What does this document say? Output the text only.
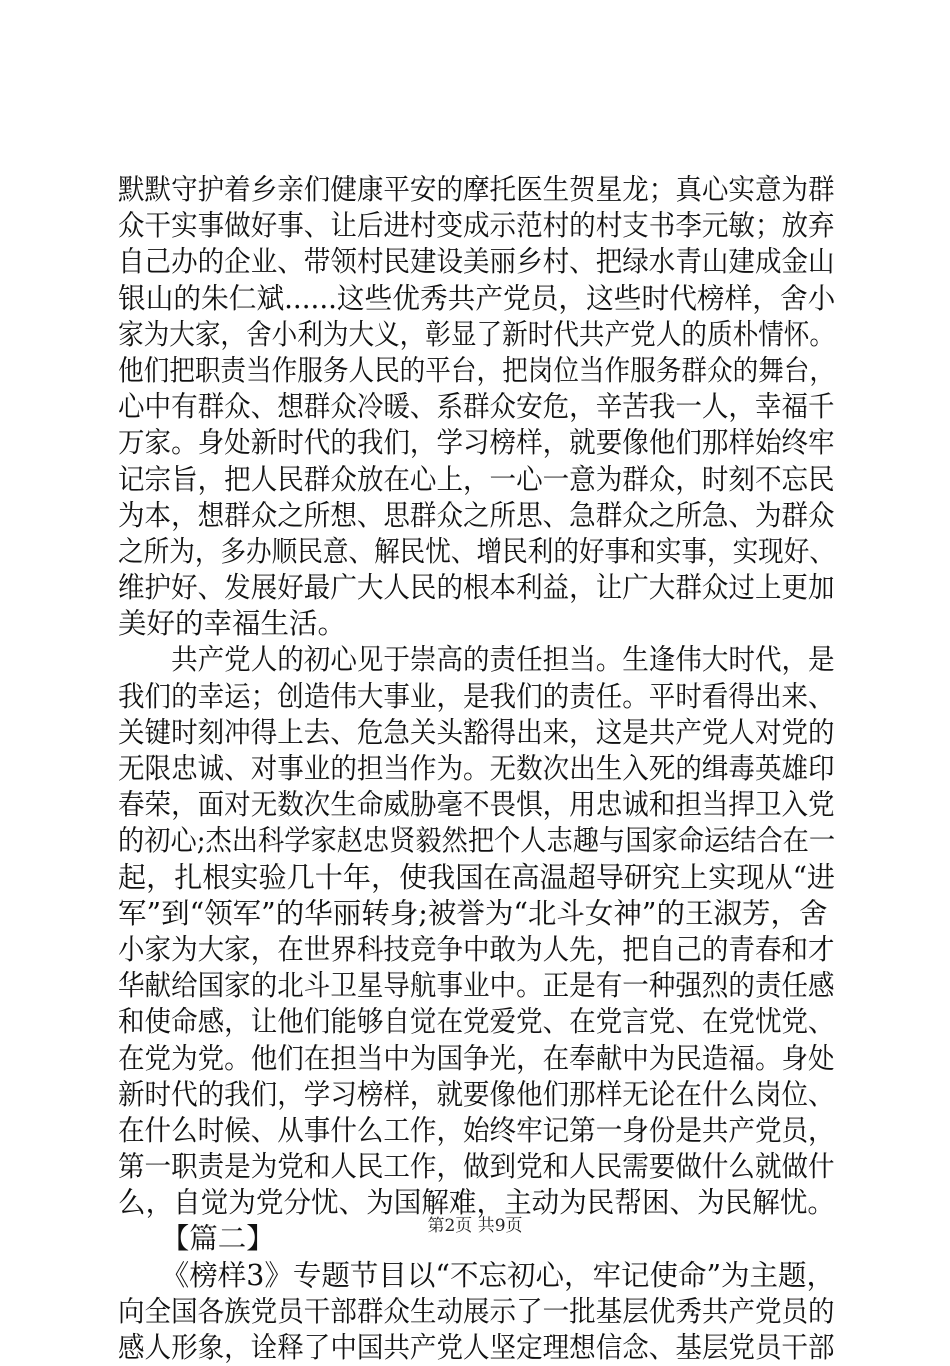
默默守护着乡亲们健康平安的摩托医生贺星龙；真心实意为群
众干实事做好事、让后进村变成示范村的村支书李元敏；放弃
自己办的企业、带领村民建设美丽乡村、把绿水青山建成金山
银山的朱仁斌......这些优秀共产党员，这些时代榜样，舍小
家为大家，舍小利为大义，彰显了新时代共产党人的质朴情怀。
他们把职责当作服务人民的平台，把岗位当作服务群众的舞台，
心中有群众、想群众冷暖、系群众安危，辛苦我一人，幸福千
万家。身处新时代的我们，学习榜样，就要像他们那样始终牢
记宗旨，把人民群众放在心上，一心一意为群众，时刻不忘民
为本，想群众之所想、思群众之所思、急群众之所急、为群众
之所为，多办顺民意、解民忧、增民利的好事和实事，实现好、
维护好、发展好最广大人民的根本利益，让广大群众过上更加
美好的幸福生活。
　　共产党人的初心见于崇高的责任担当。生逢伟大时代，是
我们的幸运；创造伟大事业，是我们的责任。平时看得出来、
关键时刻冲得上去、危急关头豁得出来，这是共产党人对党的
无限忠诚、对事业的担当作为。无数次出生入死的缉毒英雄印
春荣，面对无数次生命威胁毫不畏惧，用忠诚和担当捍卫入党
的初心;杰出科学家赵忠贤毅然把个人志趣与国家命运结合在一
起，扎根实验几十年，使我国在高温超导研究上实现从“进
军”到“领军”的华丽转身;被誉为“北斗女神”的王淑芳，舍
小家为大家，在世界科技竞争中敢为人先，把自己的青春和才
华献给国家的北斗卫星导航事业中。正是有一种强烈的责任感
和使命感，让他们能够自觉在党爱党、在党言党、在党忧党、
在党为党。他们在担当中为国争光，在奉献中为民造福。身处
新时代的我们，学习榜样，就要像他们那样无论在什么岗位、
在什么时候、从事什么工作，始终牢记第一身份是共产党员，
第一职责是为党和人民工作，做到党和人民需要做什么就做什
么，自觉为党分忧、为国解难，主动为民帮困、为民解忧。
　　【篇二】
　　《榜样3》专题节目以“不忘初心，牢记使命”为主题，
向全国各族党员干部群众生动展示了一批基层优秀共产党员的
感人形象，诠释了中国共产党人坚定理想信念、基层党员干部
第2页 共9页
